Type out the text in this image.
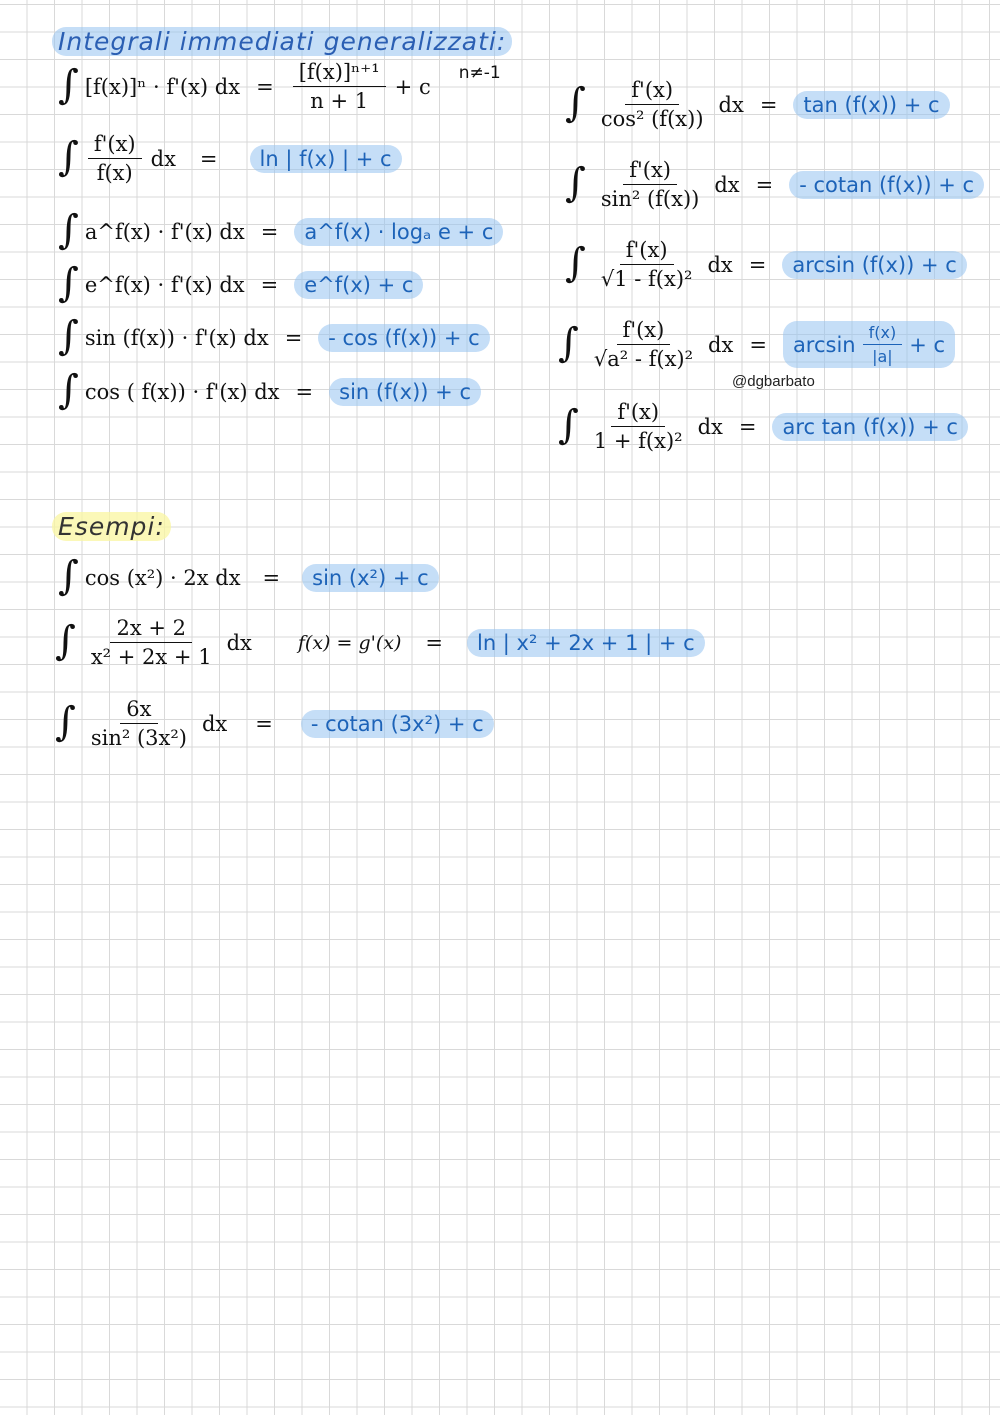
Integrali immediati generalizzati:
∫ [f(x)]ⁿ · f'(x) dx = $\frac{\text{[f(x)]ⁿ⁺¹}}{n + 1} + c$
n≠-1
∫ $\frac{f'(x)}{f(x)}$ dx =	ln | f(x) | + c
∫ a^f(x) · f'(x) dx =	a^f(x) · logₐ e + c
∫ e^f(x) · f'(x) dx =	e^f(x) + c
∫ sin (f(x)) · f'(x) dx =	- cos (f(x)) + c
∫ cos ( f(x)) · f'(x) dx =	sin (f(x)) + c
∫ $\frac{f'(x)}{\text{cos² (f(x))}}$ dx =	tan (f(x)) + c
∫ $\frac{f'(x)}{\text{sin² (f(x))}}$ dx =	- cotan (f(x)) + c
∫ $\frac{f'(x)}{\text{√1 - f(x)²}}$ dx =	arcsin (f(x)) + c
∫ $\frac{f'(x)}{\text{√a² - f(x)²}}$ dx = $\arcsin \frac{f(x)}{|a|} + c$
@dgbarbato
∫ $\frac{f'(x)}{\text{1 + f(x)²}}$ dx =	arc tan (f(x)) + c
Esempi:
∫ cos (x²) · 2x dx =	sin (x²) + c
∫ $\frac{2x + 2}{\text{x² + 2x + 1}}$ dx f(x) = g'(x) =	ln | x² + 2x + 1 | + c
∫ $\frac{6x}{\text{sin² (3x²)}}$ dx =	- cotan (3x²) + c
